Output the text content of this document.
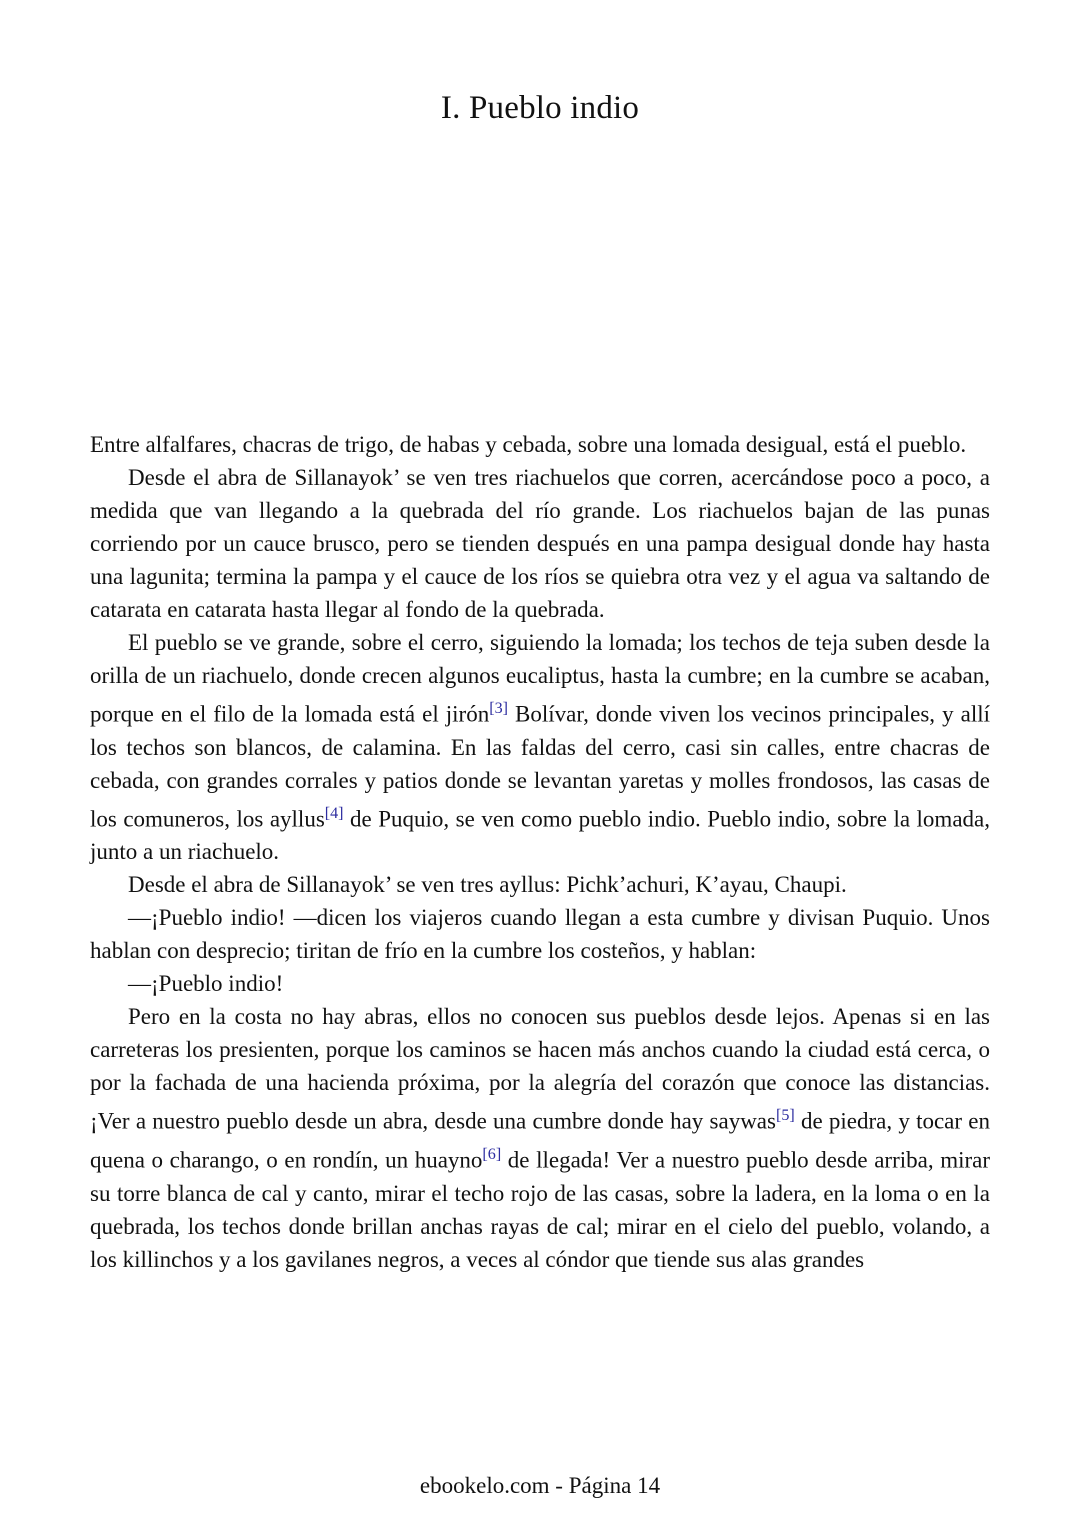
I. Pueblo indio

Entre alfalfares, chacras de trigo, de habas y cebada, sobre una lomada desigual, está el pueblo.

Desde el abra de Sillanayok’ se ven tres riachuelos que corren, acercándose poco a poco, a medida que van llegando a la quebrada del río grande. Los riachuelos bajan de las punas corriendo por un cauce brusco, pero se tienden después en una pampa desigual donde hay hasta una lagunita; termina la pampa y el cauce de los ríos se quiebra otra vez y el agua va saltando de catarata en catarata hasta llegar al fondo de la quebrada.

El pueblo se ve grande, sobre el cerro, siguiendo la lomada; los techos de teja suben desde la orilla de un riachuelo, donde crecen algunos eucaliptus, hasta la cumbre; en la cumbre se acaban, porque en el filo de la lomada está el jirón[3] Bolívar, donde viven los vecinos principales, y allí los techos son blancos, de calamina. En las faldas del cerro, casi sin calles, entre chacras de cebada, con grandes corrales y patios donde se levantan yaretas y molles frondosos, las casas de los comuneros, los ayllus[4] de Puquio, se ven como pueblo indio. Pueblo indio, sobre la lomada, junto a un riachuelo.

Desde el abra de Sillanayok’ se ven tres ayllus: Pichk’achuri, K’ayau, Chaupi.

—¡Pueblo indio! —dicen los viajeros cuando llegan a esta cumbre y divisan Puquio. Unos hablan con desprecio; tiritan de frío en la cumbre los costeños, y hablan:

—¡Pueblo indio!

Pero en la costa no hay abras, ellos no conocen sus pueblos desde lejos. Apenas si en las carreteras los presienten, porque los caminos se hacen más anchos cuando la ciudad está cerca, o por la fachada de una hacienda próxima, por la alegría del corazón que conoce las distancias. ¡Ver a nuestro pueblo desde un abra, desde una cumbre donde hay saywas[5] de piedra, y tocar en quena o charango, o en rondín, un huayno[6] de llegada! Ver a nuestro pueblo desde arriba, mirar su torre blanca de cal y canto, mirar el techo rojo de las casas, sobre la ladera, en la loma o en la quebrada, los techos donde brillan anchas rayas de cal; mirar en el cielo del pueblo, volando, a los killinchos y a los gavilanes negros, a veces al cóndor que tiende sus alas grandes

ebookelo.com - Página 14
